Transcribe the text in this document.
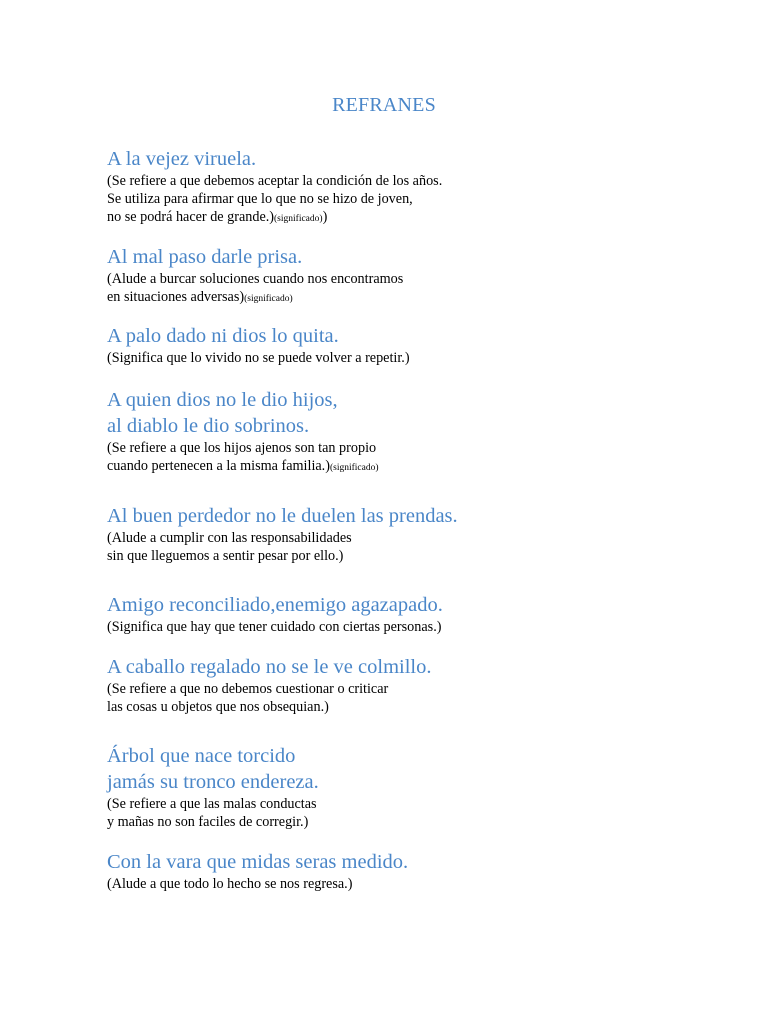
REFRANES
A la vejez viruela.
(Se refiere a que debemos aceptar la condición de los años.
Se utiliza para afirmar que lo que no se hizo de joven,
no se podrá hacer de grande.)(significado))
Al mal paso darle prisa.
(Alude a burcar soluciones cuando nos encontramos
en situaciones adversas)(significado)
A palo dado ni dios lo quita.
(Significa que lo vivido no se puede volver a repetir.)
A quien dios no le dio hijos,
al diablo le dio sobrinos.
(Se refiere a que los hijos ajenos son tan propio
cuando pertenecen a la misma familia.)(significado)
Al buen perdedor no le duelen las prendas.
(Alude a cumplir con las responsabilidades
sin que lleguemos a sentir pesar por ello.)
Amigo reconciliado,enemigo agazapado.
(Significa que hay que tener cuidado con ciertas personas.)
A caballo regalado no se le ve colmillo.
(Se refiere a que no debemos cuestionar o criticar
las cosas u objetos que nos obsequian.)
Árbol que nace torcido
jamás su tronco endereza.
(Se refiere a que las malas conductas
y mañas no son faciles de corregir.)
Con la vara que midas seras medido.
(Alude a que todo lo hecho se nos regresa.)
